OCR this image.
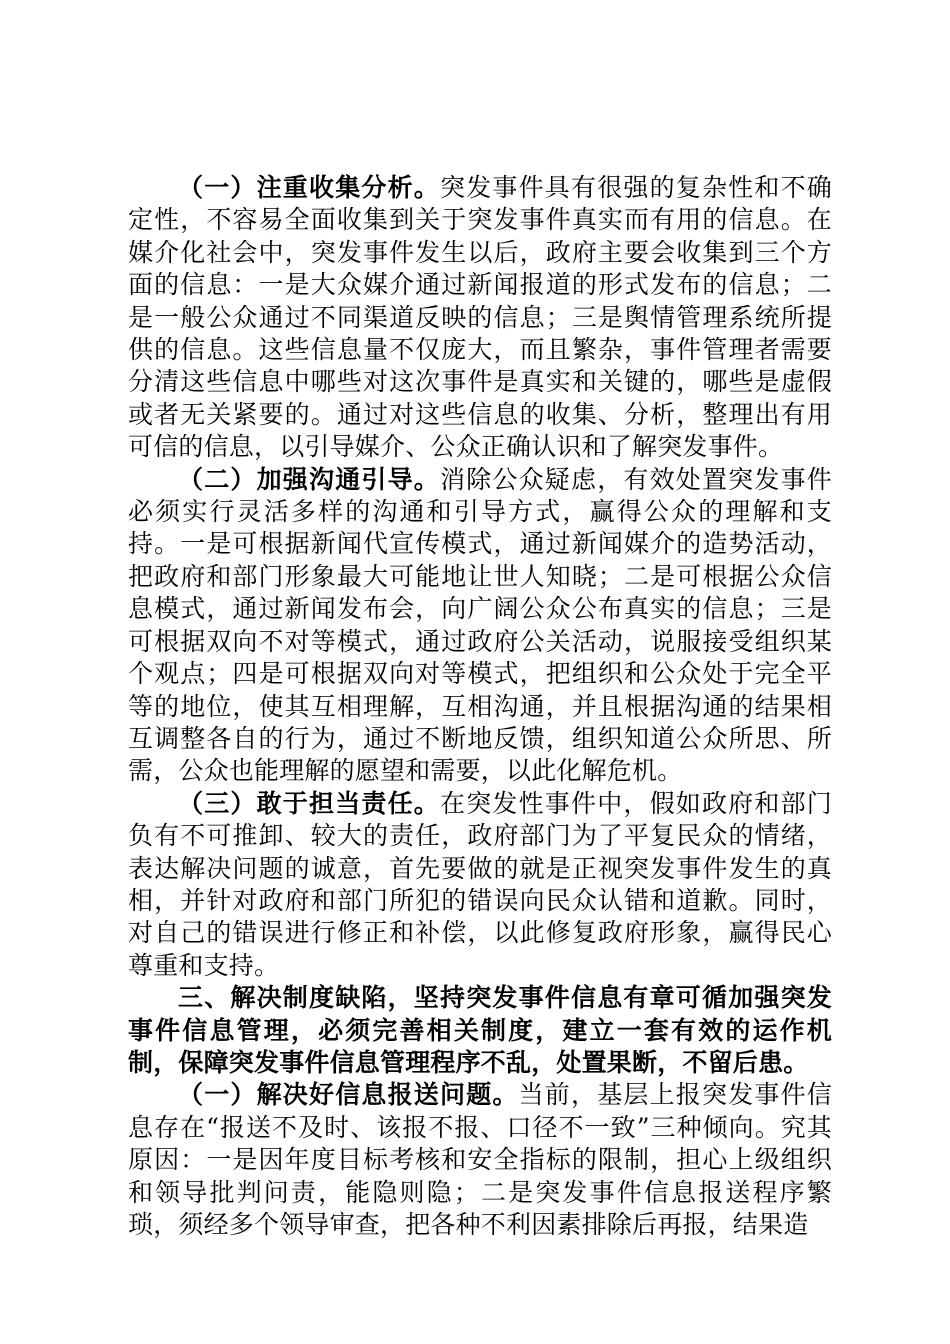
（一）注重收集分析。突发事件具有很强的复杂性和不确定性，不容易全面收集到关于突发事件真实而有用的信息。在媒介化社会中，突发事件发生以后，政府主要会收集到三个方面的信息：一是大众媒介通过新闻报道的形式发布的信息；二是一般公众通过不同渠道反映的信息；三是舆情管理系统所提供的信息。这些信息量不仅庞大，而且繁杂，事件管理者需要分清这些信息中哪些对这次事件是真实和关键的，哪些是虚假或者无关紧要的。通过对这些信息的收集、分析，整理出有用可信的信息，以引导媒介、公众正确认识和了解突发事件。

（二）加强沟通引导。消除公众疑虑，有效处置突发事件必须实行灵活多样的沟通和引导方式，赢得公众的理解和支持。一是可根据新闻代宣传模式，通过新闻媒介的造势活动，把政府和部门形象最大可能地让世人知晓；二是可根据公众信息模式，通过新闻发布会，向广阔公众公布真实的信息；三是可根据双向不对等模式，通过政府公关活动，说服接受组织某个观点；四是可根据双向对等模式，把组织和公众处于完全平等的地位，使其互相理解，互相沟通，并且根据沟通的结果相互调整各自的行为，通过不断地反馈，组织知道公众所思、所需，公众也能理解的愿望和需要，以此化解危机。

（三）敢于担当责任。在突发性事件中，假如政府和部门负有不可推卸、较大的责任，政府部门为了平复民众的情绪，表达解决问题的诚意，首先要做的就是正视突发事件发生的真相，并针对政府和部门所犯的错误向民众认错和道歉。同时，对自己的错误进行修正和补偿，以此修复政府形象，赢得民心尊重和支持。

三、解决制度缺陷，坚持突发事件信息有章可循加强突发事件信息管理，必须完善相关制度，建立一套有效的运作机制，保障突发事件信息管理程序不乱，处置果断，不留后患。

（一）解决好信息报送问题。当前，基层上报突发事件信息存在“报送不及时、该报不报、口径不一致”三种倾向。究其原因：一是因年度目标考核和安全指标的限制，担心上级组织和领导批判问责，能隐则隐；二是突发事件信息报送程序繁琐，须经多个领导审查，把各种不利因素排除后再报，结果造
